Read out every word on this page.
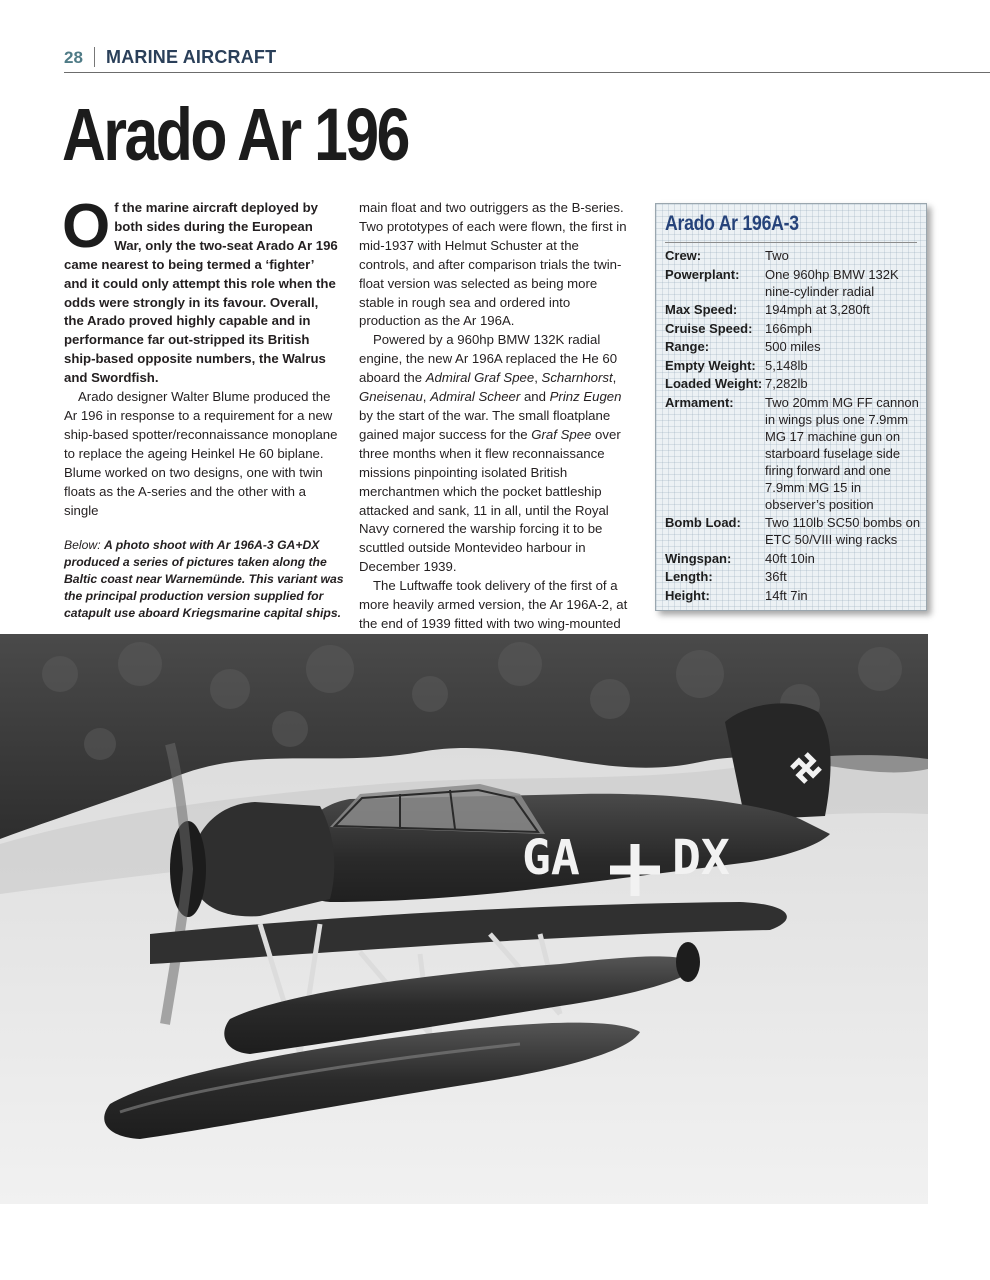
28 MARINE AIRCRAFT
Arado Ar 196

Of the marine aircraft deployed by both sides during the European War, only the two-seat Arado Ar 196 came nearest to being termed a ‘fighter’ and it could only attempt this role when the odds were strongly in its favour. Overall, the Arado proved highly capable and in performance far out-stripped its British ship-based opposite numbers, the Walrus and Swordfish.

Arado designer Walter Blume produced the Ar 196 in response to a requirement for a new ship-based spotter/reconnaissance monoplane to replace the ageing Heinkel He 60 biplane. Blume worked on two designs, one with twin floats as the A-series and the other with a single

Below: A photo shoot with Ar 196A-3 GA+DX produced a series of pictures taken along the Baltic coast near Warnemünde. This variant was the principal production version supplied for catapult use aboard Kriegsmarine capital ships.

main float and two outriggers as the B-series. Two prototypes of each were flown, the first in mid-1937 with Helmut Schuster at the controls, and after comparison trials the twin-float version was selected as being more stable in rough sea and ordered into production as the Ar 196A.

Powered by a 960hp BMW 132K radial engine, the new Ar 196A replaced the He 60 aboard the Admiral Graf Spee, Scharnhorst, Gneisenau, Admiral Scheer and Prinz Eugen by the start of the war. The small floatplane gained major success for the Graf Spee over three months when it flew reconnaissance missions pinpointing isolated British merchantmen which the pocket battleship attacked and sank, 11 in all, until the Royal Navy cornered the warship forcing it to be scuttled outside Montevideo harbour in December 1939.

The Luftwaffe took delivery of the first of a more heavily armed version, the Ar 196A-2, at the end of 1939 fitted with two wing-mounted

Arado Ar 196A-3
Crew:	Two
Powerplant:	One 960hp BMW 132K nine-cylinder radial
Max Speed:	194mph at 3,280ft
Cruise Speed: 166mph
Range:	500 miles
Empty Weight: 5,148lb
Loaded Weight: 7,282lb
Armament:	Two 20mm MG FF cannon in wings plus one 7.9mm MG 17 machine gun on starboard fuselage side firing forward and one 7.9mm MG 15 in observer’s position
Bomb Load:	Two 110lb SC50 bombs on ETC 50/VIII wing racks
Wingspan:	40ft 10in
Length:	36ft
Height:	14ft 7in
GA DX
